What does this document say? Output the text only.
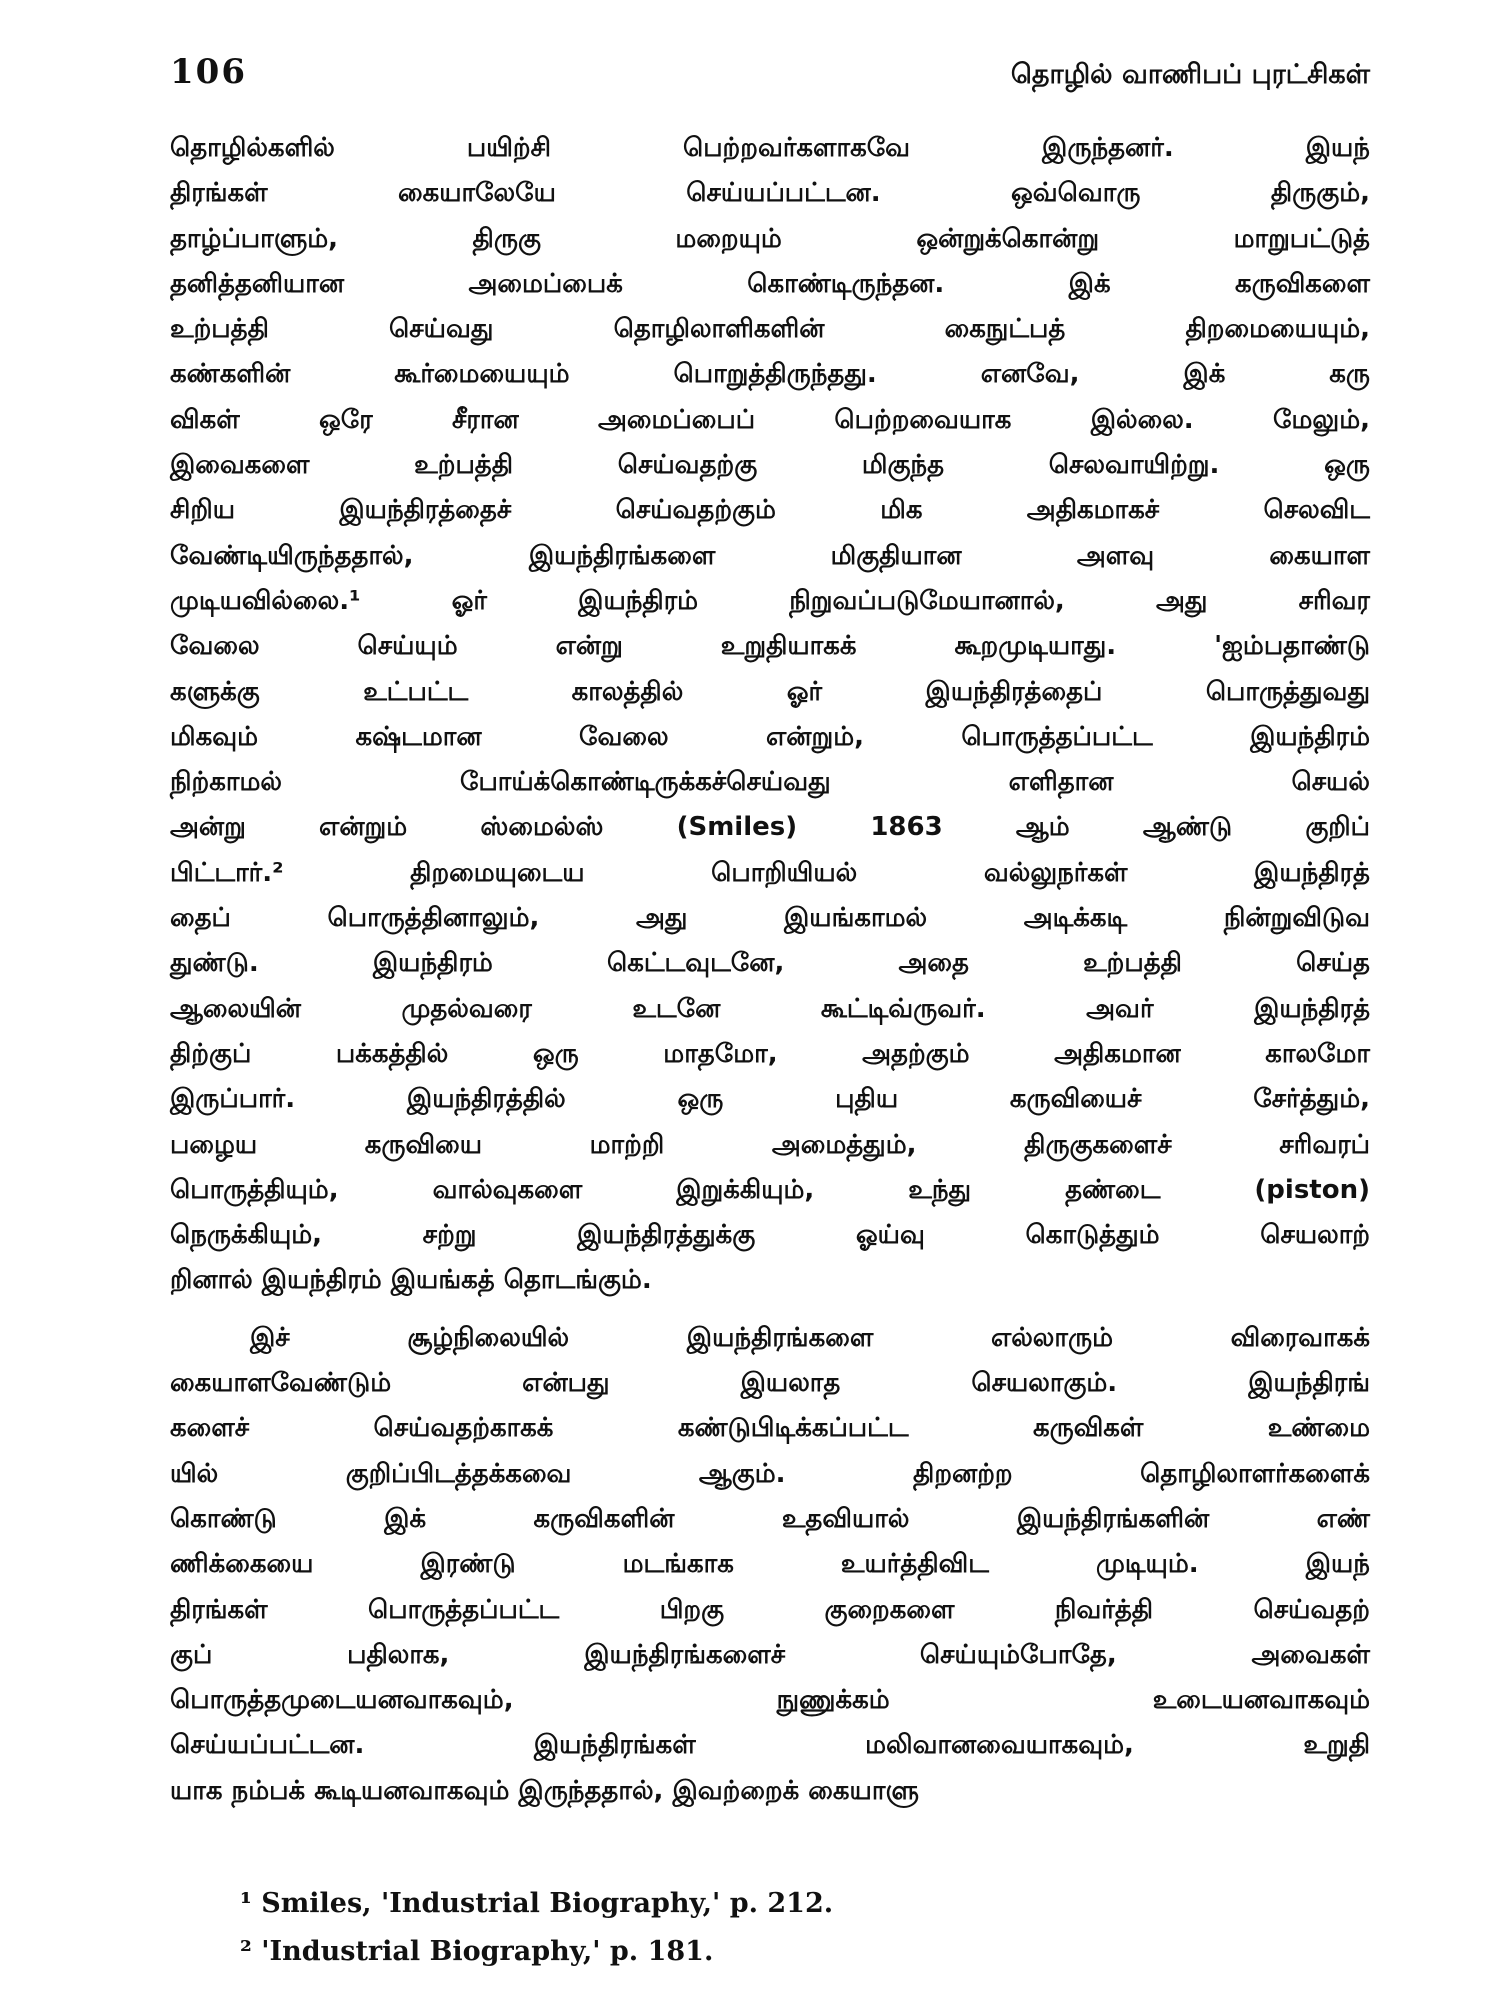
106	தொழில் வாணிபப் புரட்சிகள்
தொழில்களில் பயிற்சி பெற்றவர்களாகவே இருந்தனர். இயந்
திரங்கள் கையாலேயே செய்யப்பட்டன. ஒவ்வொரு திருகும்,
தாழ்ப்பாளும், திருகு மறையும் ஒன்றுக்கொன்று மாறுபட்டுத்
தனித்தனியான அமைப்பைக் கொண்டிருந்தன. இக் கருவிகளை
உற்பத்தி செய்வது தொழிலாளிகளின் கைநுட்பத் திறமையையும்,
கண்களின் கூர்மையையும் பொறுத்திருந்தது. எனவே, இக் கரு
விகள் ஒரே சீரான அமைப்பைப் பெற்றவையாக இல்லை. மேலும்,
இவைகளை உற்பத்தி செய்வதற்கு மிகுந்த செலவாயிற்று. ஒரு
சிறிய இயந்திரத்தைச் செய்வதற்கும் மிக அதிகமாகச் செலவிட
வேண்டியிருந்ததால், இயந்திரங்களை மிகுதியான அளவு கையாள
முடியவில்லை.¹ ஓர் இயந்திரம் நிறுவப்படுமேயானால், அது சரிவர
வேலை செய்யும் என்று உறுதியாகக் கூறமுடியாது. 'ஐம்பதாண்டு
களுக்கு உட்பட்ட காலத்தில் ஓர் இயந்திரத்தைப் பொருத்துவது
மிகவும் கஷ்டமான வேலை என்றும், பொருத்தப்பட்ட இயந்திரம்
நிற்காமல் போய்க்கொண்டிருக்கச்செய்வது எளிதான செயல்
அன்று என்றும் ஸ்மைல்ஸ் (Smiles) 1863 ஆம் ஆண்டு குறிப்
பிட்டார்.² திறமையுடைய பொறியியல் வல்லுநர்கள் இயந்திரத்
தைப் பொருத்தினாலும், அது இயங்காமல் அடிக்கடி நின்றுவிடுவ
துண்டு. இயந்திரம் கெட்டவுடனே, அதை உற்பத்தி செய்த
ஆலையின் முதல்வரை உடனே கூட்டிவ்ருவர். அவர் இயந்திரத்
திற்குப் பக்கத்தில் ஒரு மாதமோ, அதற்கும் அதிகமான காலமோ
இருப்பார். இயந்திரத்தில் ஒரு புதிய கருவியைச் சேர்த்தும்,
பழைய கருவியை மாற்றி அமைத்தும், திருகுகளைச் சரிவரப்
பொருத்தியும், வால்வுகளை இறுக்கியும், உந்து தண்டை (piston)
நெருக்கியும், சற்று இயந்திரத்துக்கு ஓய்வு கொடுத்தும் செயலாற்
றினால் இயந்திரம் இயங்கத் தொடங்கும்.
இச் சூழ்நிலையில் இயந்திரங்களை எல்லாரும் விரைவாகக்
கையாளவேண்டும் என்பது இயலாத செயலாகும். இயந்திரங்
களைச் செய்வதற்காகக் கண்டுபிடிக்கப்பட்ட கருவிகள் உண்மை
யில் குறிப்பிடத்தக்கவை ஆகும். திறனற்ற தொழிலாளர்களைக்
கொண்டு இக் கருவிகளின் உதவியால் இயந்திரங்களின் எண்
ணிக்கையை இரண்டு மடங்காக உயர்த்திவிட முடியும். இயந்
திரங்கள் பொருத்தப்பட்ட பிறகு குறைகளை நிவர்த்தி செய்வதற்
குப் பதிலாக, இயந்திரங்களைச் செய்யும்போதே, அவைகள்
பொருத்தமுடையனவாகவும், நுணுக்கம் உடையனவாகவும்
செய்யப்பட்டன. இயந்திரங்கள் மலிவானவையாகவும், உறுதி
யாக நம்பக் கூடியனவாகவும் இருந்ததால், இவற்றைக் கையாளு
¹ Smiles, 'Industrial Biography,' p. 212.
² 'Industrial Biography,' p. 181.
